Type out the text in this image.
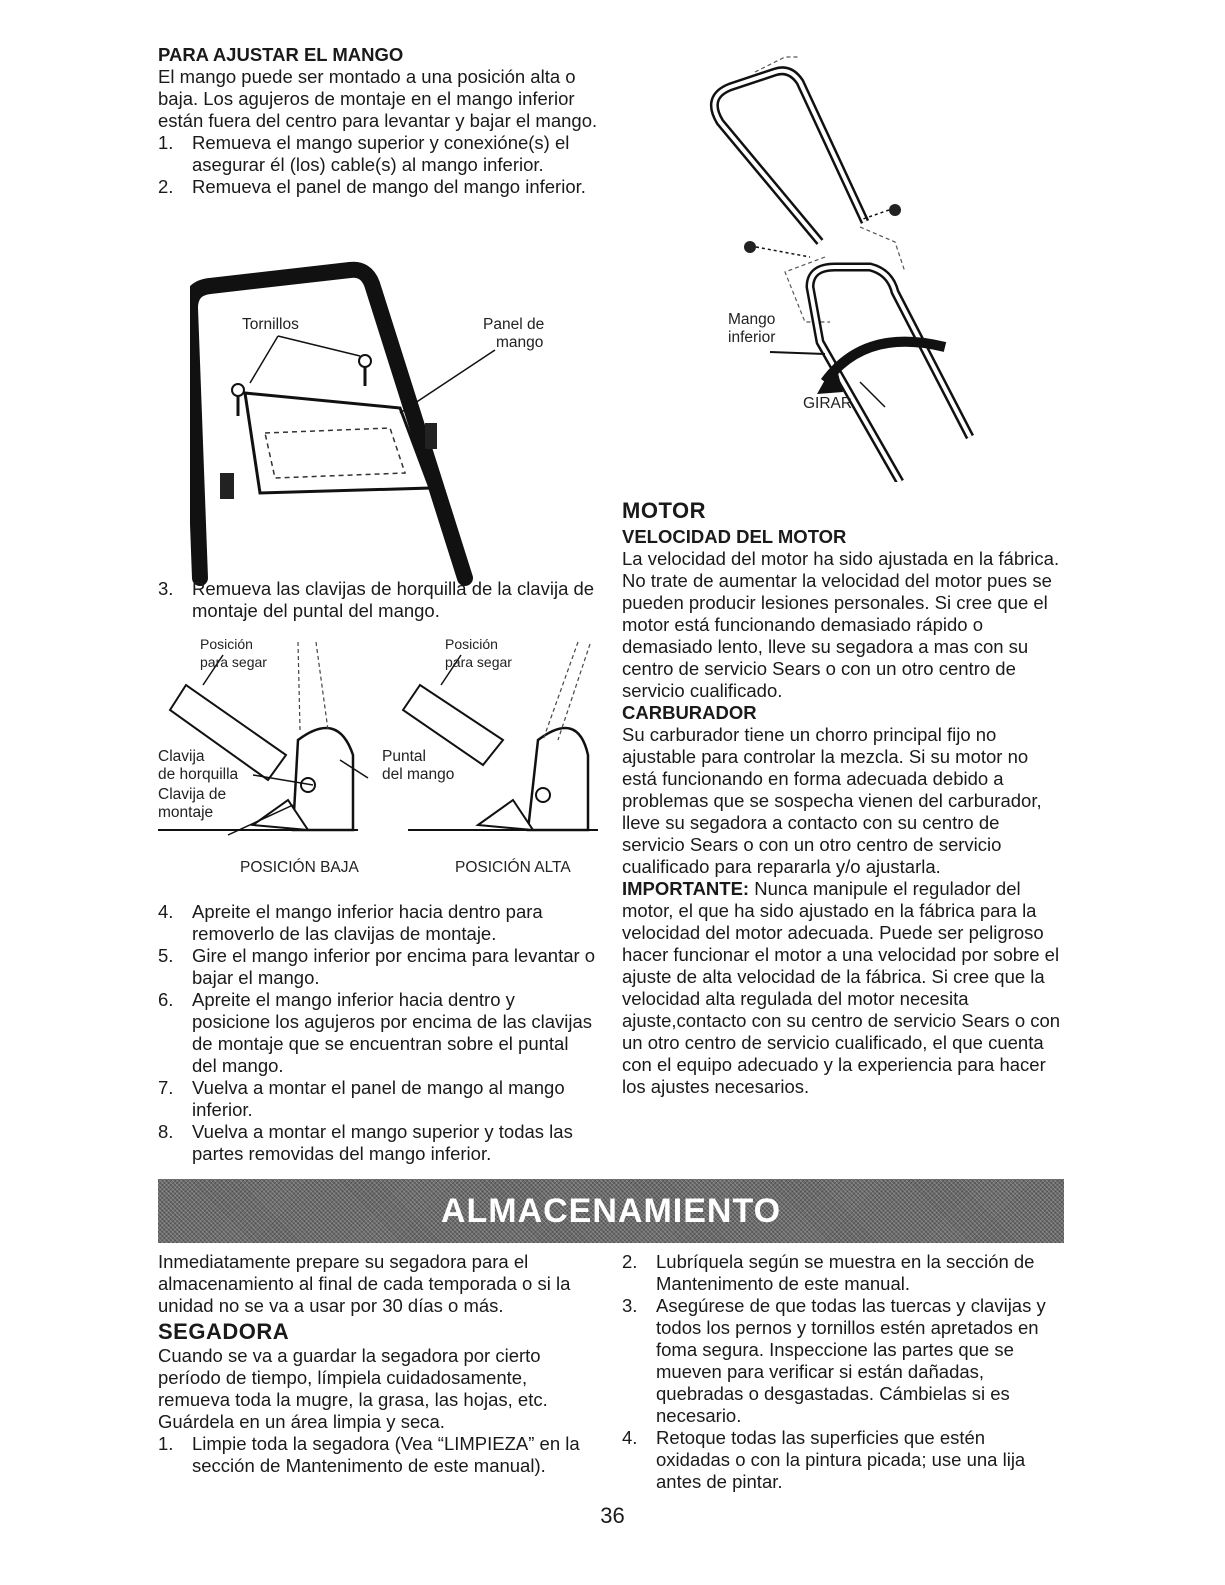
PARA AJUSTAR EL MANGO

El mango puede ser montado a una posición alta o baja. Los agujeros de montaje en el mango inferior están fuera del centro para levantar y bajar el mango.

1. Remueva el mango superior y conexióne(s) el asegurar él (los) cable(s) al mango inferior.
2. Remueva el panel de mango del mango inferior.
Tornillos	Panel de
mango
3. Remueva las clavijas de horquilla de la clavija de montaje del puntal del mango.
Posición
para segar
Posición
para segar
Clavija
de horquilla
Clavija de
montaje
Puntal
del mango
POSICIÓN BAJA	POSICIÓN ALTA
4. Apreite el mango inferior hacia dentro para removerlo de las clavijas de montaje.
5. Gire el mango inferior por encima para levantar o bajar el mango.
6. Apreite el mango inferior hacia dentro y posicione los agujeros por encima de las clavijas de montaje que se encuentran sobre el puntal del mango.
7. Vuelva a montar el panel de mango al mango inferior.
8. Vuelva a montar el mango superior y todas las partes removidas del mango inferior.
Mango
inferior
GIRAR
MOTOR
VELOCIDAD DEL MOTOR

La velocidad del motor ha sido ajustada en la fábrica. No trate de aumentar la velocidad del motor pues se pueden producir lesiones personales. Si cree que el motor está funcionando demasiado rápido o demasiado lento, lleve su segadora a mas con su centro de servicio Sears o con un otro centro de servicio cualificado.

CARBURADOR

Su carburador tiene un chorro principal fijo no ajustable para controlar la mezcla. Si su motor no está funcionando en forma adecuada debido a problemas que se sospecha vienen del carburador, lleve su segadora a contacto con su centro de servicio Sears o con un otro centro de servicio cualificado para repararla y/o ajustarla.

IMPORTANTE: Nunca manipule el regulador del motor, el que ha sido ajustado en la fábrica para la velocidad del motor adecuada. Puede ser peligroso hacer funcionar el motor a una velocidad por sobre el ajuste de alta velocidad de la fábrica. Si cree que la velocidad alta regulada del motor necesita ajuste,contacto con su centro de servicio Sears o con un otro centro de servicio cualificado, el que cuenta con el equipo adecuado y la experiencia para hacer los ajustes necesarios.

ALMACENAMIENTO

Inmediatamente prepare su segadora para el almacenamiento al final de cada temporada o si la unidad no se va a usar por 30 días o más.

SEGADORA

Cuando se va a guardar la segadora por cierto período de tiempo, límpiela cuidadosamente, remueva toda la mugre, la grasa, las hojas, etc. Guárdela en un área limpia y seca.

1. Limpie toda la segadora (Vea “LIMPIEZA” en la sección de Mantenimento de este manual).
2. Lubríquela según se muestra en la sección de Mantenimento de este manual.
3. Asegúrese de que todas las tuercas y clavijas y todos los pernos y tornillos estén apretados en foma segura. Inspeccione las partes que se mueven para verificar si están dañadas, quebradas o desgastadas. Cámbielas si es necesario.
4. Retoque todas las superficies que estén oxidadas o con la pintura picada; use una lija antes de pintar.
36
